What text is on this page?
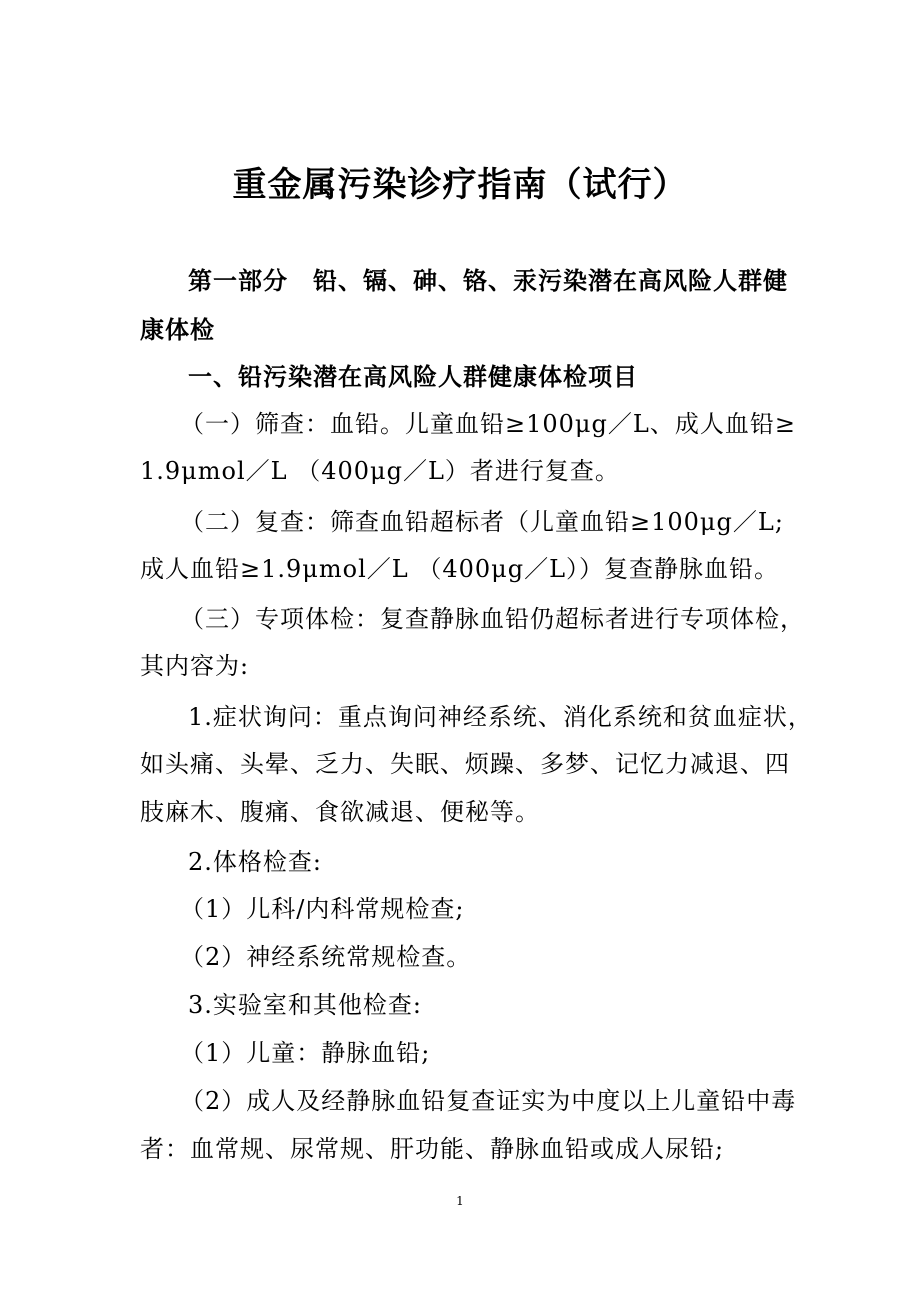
重金属污染诊疗指南（试行）
第一部分　铅、镉、砷、铬、汞污染潜在高风险人群健
康体检
一、铅污染潜在高风险人群健康体检项目
（一）筛查：血铅。儿童血铅≥100μg／L、成人血铅≥
1.9μmol／L （400μg／L）者进行复查。
（二）复查：筛查血铅超标者（儿童血铅≥100μg／L;
成人血铅≥1.9μmol／L （400μg／L））复查静脉血铅。
（三）专项体检：复查静脉血铅仍超标者进行专项体检，
其内容为:
1.症状询问：重点询问神经系统、消化系统和贫血症状，
如头痛、头晕、乏力、失眠、烦躁、多梦、记忆力减退、四
肢麻木、腹痛、食欲减退、便秘等。
2.体格检查:
（1）儿科/内科常规检查;
（2）神经系统常规检查。
3.实验室和其他检查:
（1）儿童：静脉血铅;
（2）成人及经静脉血铅复查证实为中度以上儿童铅中毒
者：血常规、尿常规、肝功能、静脉血铅或成人尿铅;
1
